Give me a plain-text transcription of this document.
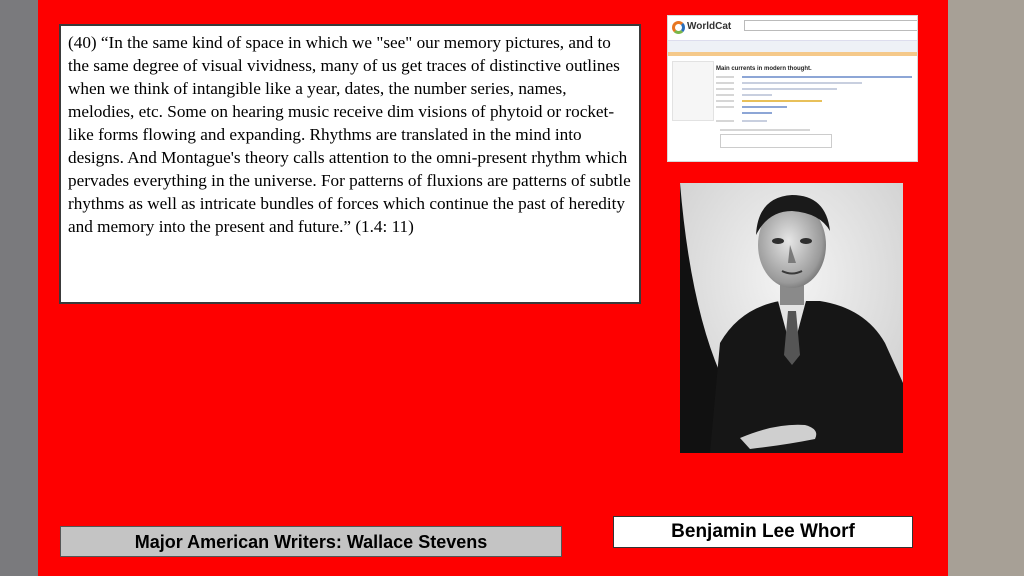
(40) “In the same kind of space in which we "see" our memory pictures, and to the same degree of visual vividness, many of us get traces of distinctive outlines when we think of intangible like a year, dates, the number series, names, melodies, etc. Some on hearing music receive dim visions of phytoid or rocket-like forms flowing and expanding. Rhythms are translated in the mind into designs. And Montague's theory calls attention to the omni-present rhythm which pervades everything in the universe. For patterns of fluxions are patterns of subtle rhythms as well as intricate bundles of forces which continue the past of heredity and memory into the present and future.” (1.4: 11)
WorldCat
Main currents in modern thought.
Benjamin Lee Whorf
Major American Writers: Wallace Stevens
